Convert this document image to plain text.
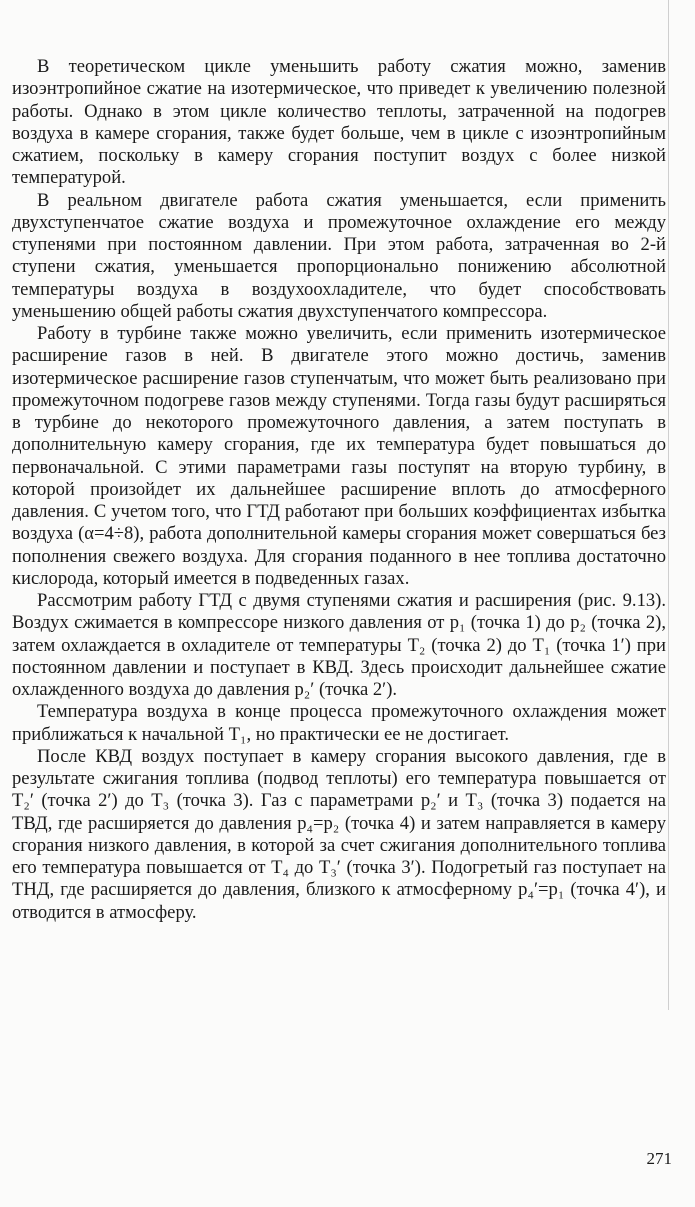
В теоретическом цикле уменьшить работу сжатия можно, заменив изоэнтропийное сжатие на изотермическое, что приведет к увеличению полезной работы. Однако в этом цикле количество теплоты, затраченной на подогрев воздуха в камере сгорания, также будет больше, чем в цикле с изоэнтропийным сжатием, поскольку в камеру сгорания поступит воздух с более низкой температурой.

В реальном двигателе работа сжатия уменьшается, если применить двухступенчатое сжатие воздуха и промежуточное охлаждение его между ступенями при постоянном давлении. При этом работа, затраченная во 2-й ступени сжатия, уменьшается пропорционально понижению абсолютной температуры воздуха в воздухоохладителе, что будет способствовать уменьшению общей работы сжатия двухступенчатого компрессора.

Работу в турбине также можно увеличить, если применить изотермическое расширение газов в ней. В двигателе этого можно достичь, заменив изотермическое расширение газов ступенчатым, что может быть реализовано при промежуточном подогреве газов между ступенями. Тогда газы будут расширяться в турбине до некоторого промежуточного давления, а затем поступать в дополнительную камеру сгорания, где их температура будет повышаться до первоначальной. С этими параметрами газы поступят на вторую турбину, в которой произойдет их дальнейшее расширение вплоть до атмосферного давления. С учетом того, что ГТД работают при больших коэффициентах избытка воздуха (α=4÷8), работа дополнительной камеры сгорания может совершаться без пополнения свежего воздуха. Для сгорания поданного в нее топлива достаточно кислорода, который имеется в подведенных газах.

Рассмотрим работу ГТД с двумя ступенями сжатия и расширения (рис. 9.13). Воздух сжимается в компрессоре низкого давления от p₁ (точка 1) до p₂ (точка 2), затем охлаждается в охладителе от температуры T₂ (точка 2) до T₁ (точка 1′) при постоянном давлении и поступает в КВД. Здесь происходит дальнейшее сжатие охлажденного воздуха до давления p₂′ (точка 2′).

Температура воздуха в конце процесса промежуточного охлаждения может приближаться к начальной T₁, но практически ее не достигает.

После КВД воздух поступает в камеру сгорания высокого давления, где в результате сжигания топлива (подвод теплоты) его температура повышается от T₂′ (точка 2′) до T₃ (точка 3). Газ с параметрами p₂′ и T₃ (точка 3) подается на ТВД, где расширяется до давления p₄=p₂ (точка 4) и затем направляется в камеру сгорания низкого давления, в которой за счет сжигания дополнительного топлива его температура повышается от T₄ до T₃′ (точка 3′). Подогретый газ поступает на ТНД, где расширяется до давления, близкого к атмосферному p₄′=p₁ (точка 4′), и отводится в атмосферу.

271
